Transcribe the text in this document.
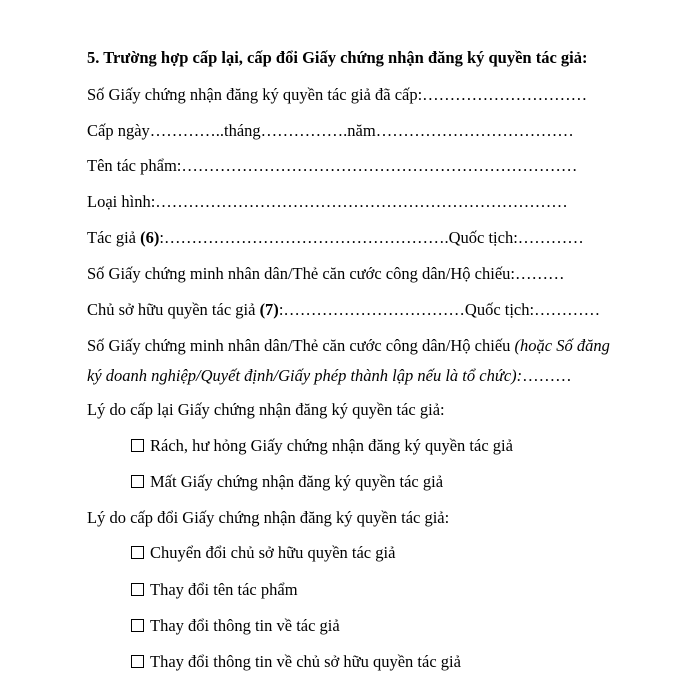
5. Trường hợp cấp lại, cấp đổi Giấy chứng nhận đăng ký quyền tác giả:
Số Giấy chứng nhận đăng ký quyền tác giả đã cấp:…………………………
Cấp ngày…………..tháng…………….năm………………………………
Tên tác phẩm:………………………………………………………………
Loại hình:…………………………………………………………………
Tác giả (6):…………………………………………….Quốc tịch:…………
Số Giấy chứng minh nhân dân/Thẻ căn cước công dân/Hộ chiếu:………
Chủ sở hữu quyền tác giả (7):……………………………Quốc tịch:…………
Số Giấy chứng minh nhân dân/Thẻ căn cước công dân/Hộ chiếu (hoặc Số đăng
ký doanh nghiệp/Quyết định/Giấy phép thành lập nếu là tổ chức):………
Lý do cấp lại Giấy chứng nhận đăng ký quyền tác giả:
Rách, hư hỏng Giấy chứng nhận đăng ký quyền tác giả
Mất Giấy chứng nhận đăng ký quyền tác giả
Lý do cấp đổi Giấy chứng nhận đăng ký quyền tác giả:
Chuyển đổi chủ sở hữu quyền tác giả
Thay đổi tên tác phẩm
Thay đổi thông tin về tác giả
Thay đổi thông tin về chủ sở hữu quyền tác giả
